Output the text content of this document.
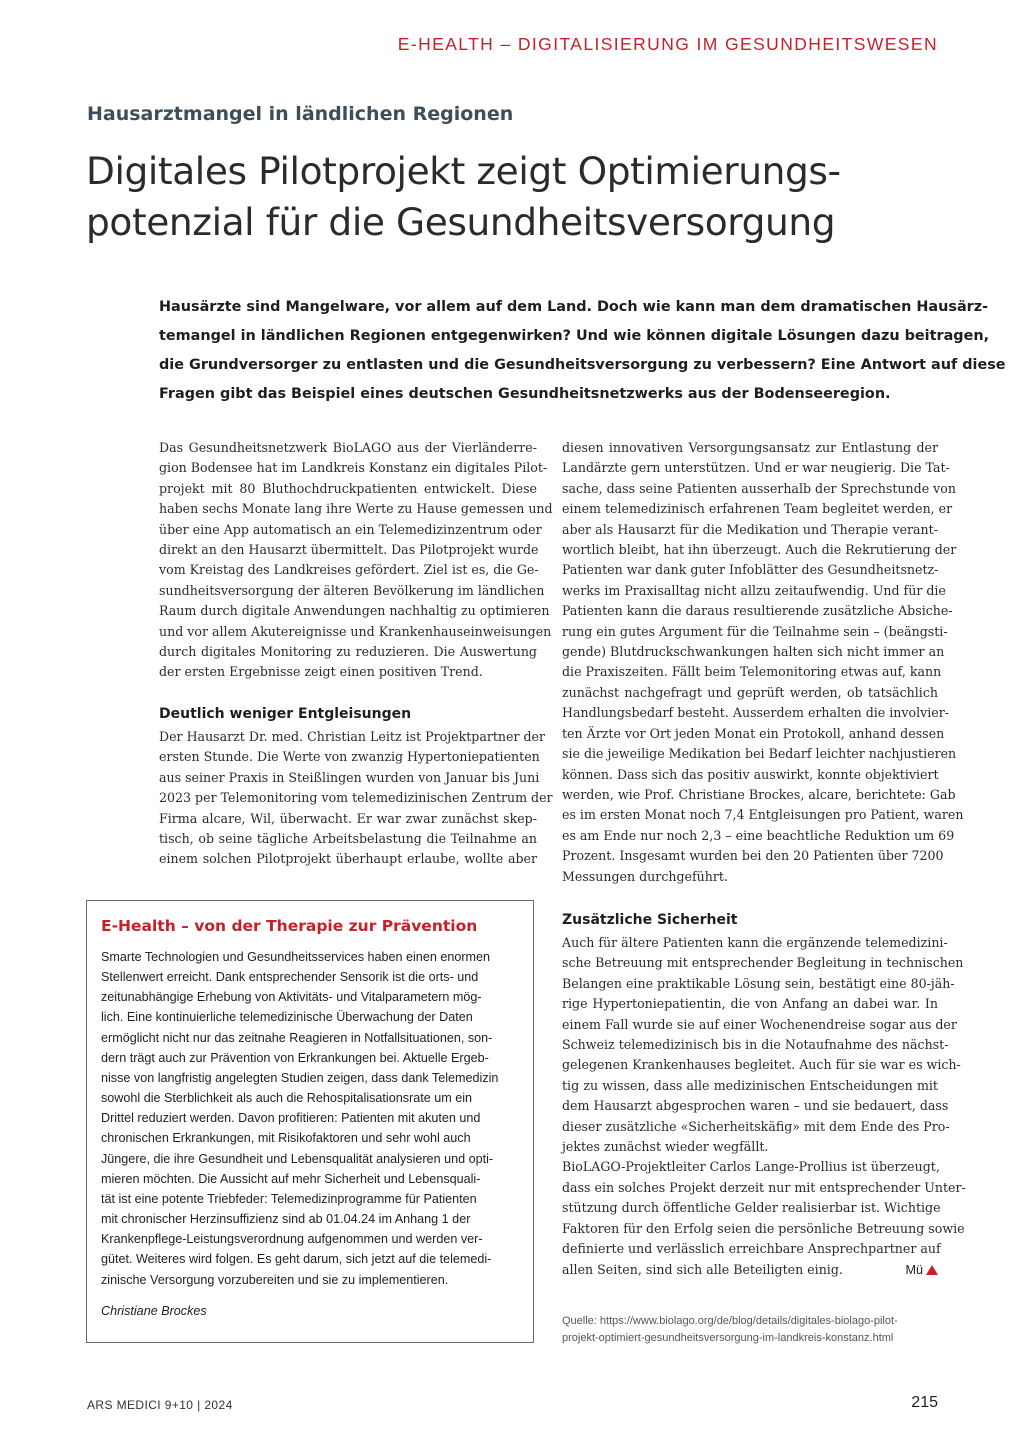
E-HEALTH – DIGITALISIERUNG IM GESUNDHEITSWESEN
Hausarztmangel in ländlichen Regionen
Digitales Pilotprojekt zeigt Optimierungs-
potenzial für die Gesundheitsversorgung
Hausärzte sind Mangelware, vor allem auf dem Land. Doch wie kann man dem dramatischen Hausärz-
temangel in ländlichen Regionen entgegenwirken? Und wie können digitale Lösungen dazu beitragen,
die Grundversorger zu entlasten und die Gesundheitsversorgung zu verbessern? Eine Antwort auf diese
Fragen gibt das Beispiel eines deutschen Gesundheitsnetzwerks aus der Bodenseeregion.
Das Gesundheitsnetzwerk BioLAGO aus der Vierländerre-
gion Bodensee hat im Landkreis Konstanz ein digitales Pilot-
projekt mit 80 Bluthochdruckpatienten entwickelt. Diese
haben sechs Monate lang ihre Werte zu Hause gemessen und
über eine App automatisch an ein Telemedizinzentrum oder
direkt an den Hausarzt übermittelt. Das Pilotprojekt wurde
vom Kreistag des Landkreises gefördert. Ziel ist es, die Ge-
sundheitsversorgung der älteren Bevölkerung im ländlichen
Raum durch digitale Anwendungen nachhaltig zu optimieren
und vor allem Akutereignisse und Krankenhauseinweisungen
durch digitales Monitoring zu reduzieren. Die Auswertung
der ersten Ergebnisse zeigt einen positiven Trend.
Deutlich weniger Entgleisungen
Der Hausarzt Dr. med. Christian Leitz ist Projektpartner der
ersten Stunde. Die Werte von zwanzig Hypertoniepatienten
aus seiner Praxis in Steißlingen wurden von Januar bis Juni
2023 per Telemonitoring vom telemedizinischen Zentrum der
Firma alcare, Wil, überwacht. Er war zwar zunächst skep-
tisch, ob seine tägliche Arbeitsbelastung die Teilnahme an
einem solchen Pilotprojekt überhaupt erlaube, wollte aber
diesen innovativen Versorgungsansatz zur Entlastung der
Landärzte gern unterstützen. Und er war neugierig. Die Tat-
sache, dass seine Patienten ausserhalb der Sprechstunde von
einem telemedizinisch erfahrenen Team begleitet werden, er
aber als Hausarzt für die Medikation und Therapie verant-
wortlich bleibt, hat ihn überzeugt. Auch die Rekrutierung der
Patienten war dank guter Infoblätter des Gesundheitsnetz-
werks im Praxisalltag nicht allzu zeitaufwendig. Und für die
Patienten kann die daraus resultierende zusätzliche Absiche-
rung ein gutes Argument für die Teilnahme sein – (beängsti-
gende) Blutdruckschwankungen halten sich nicht immer an
die Praxiszeiten. Fällt beim Telemonitoring etwas auf, kann
zunächst nachgefragt und geprüft werden, ob tatsächlich
Handlungsbedarf besteht. Ausserdem erhalten die involvier-
ten Ärzte vor Ort jeden Monat ein Protokoll, anhand dessen
sie die jeweilige Medikation bei Bedarf leichter nachjustieren
können. Dass sich das positiv auswirkt, konnte objektiviert
werden, wie Prof. Christiane Brockes, alcare, berichtete: Gab
es im ersten Monat noch 7,4 Entgleisungen pro Patient, waren
es am Ende nur noch 2,3 – eine beachtliche Reduktion um 69
Prozent. Insgesamt wurden bei den 20 Patienten über 7200
Messungen durchgeführt.
Zusätzliche Sicherheit
Auch für ältere Patienten kann die ergänzende telemedizini-
sche Betreuung mit entsprechender Begleitung in technischen
Belangen eine praktikable Lösung sein, bestätigt eine 80-jäh-
rige Hypertoniepatientin, die von Anfang an dabei war. In
einem Fall wurde sie auf einer Wochenendreise sogar aus der
Schweiz telemedizinisch bis in die Notaufnahme des nächst-
gelegenen Krankenhauses begleitet. Auch für sie war es wich-
tig zu wissen, dass alle medizinischen Entscheidungen mit
dem Hausarzt abgesprochen waren – und sie bedauert, dass
dieser zusätzliche «Sicherheitskäfig» mit dem Ende des Pro-
jektes zunächst wieder wegfällt.
BioLAGO-Projektleiter Carlos Lange-Prollius ist überzeugt,
dass ein solches Projekt derzeit nur mit entsprechender Unter-
stützung durch öffentliche Gelder realisierbar ist. Wichtige
Faktoren für den Erfolg seien die persönliche Betreuung sowie
definierte und verlässlich erreichbare Ansprechpartner auf
allen Seiten, sind sich alle Beteiligten einig.	Mü
Quelle: https://www.biolago.org/de/blog/details/digitales-biolago-pilot-
projekt-optimiert-gesundheitsversorgung-im-landkreis-konstanz.html
E-Health – von der Therapie zur Prävention
Smarte Technologien und Gesundheitsservices haben einen enormen
Stellenwert erreicht. Dank entsprechender Sensorik ist die orts- und
zeitunabhängige Erhebung von Aktivitäts- und Vitalparametern mög-
lich. Eine kontinuierliche telemedizinische Überwachung der Daten
ermöglicht nicht nur das zeitnahe Reagieren in Notfallsituationen, son-
dern trägt auch zur Prävention von Erkrankungen bei. Aktuelle Ergeb-
nisse von langfristig angelegten Studien zeigen, dass dank Telemedizin
sowohl die Sterblichkeit als auch die Rehospitalisationsrate um ein
Drittel reduziert werden. Davon profitieren: Patienten mit akuten und
chronischen Erkrankungen, mit Risikofaktoren und sehr wohl auch
Jüngere, die ihre Gesundheit und Lebensqualität analysieren und opti-
mieren möchten. Die Aussicht auf mehr Sicherheit und Lebensquali-
tät ist eine potente Triebfeder: Telemedizinprogramme für Patienten
mit chronischer Herzinsuffizienz sind ab 01.04.24 im Anhang 1 der
Krankenpflege-Leistungsverordnung aufgenommen und werden ver-
gütet. Weiteres wird folgen. Es geht darum, sich jetzt auf die telemedi-
zinische Versorgung vorzubereiten und sie zu implementieren.
Christiane Brockes
ARS MEDICI 9+10 | 2024	215
